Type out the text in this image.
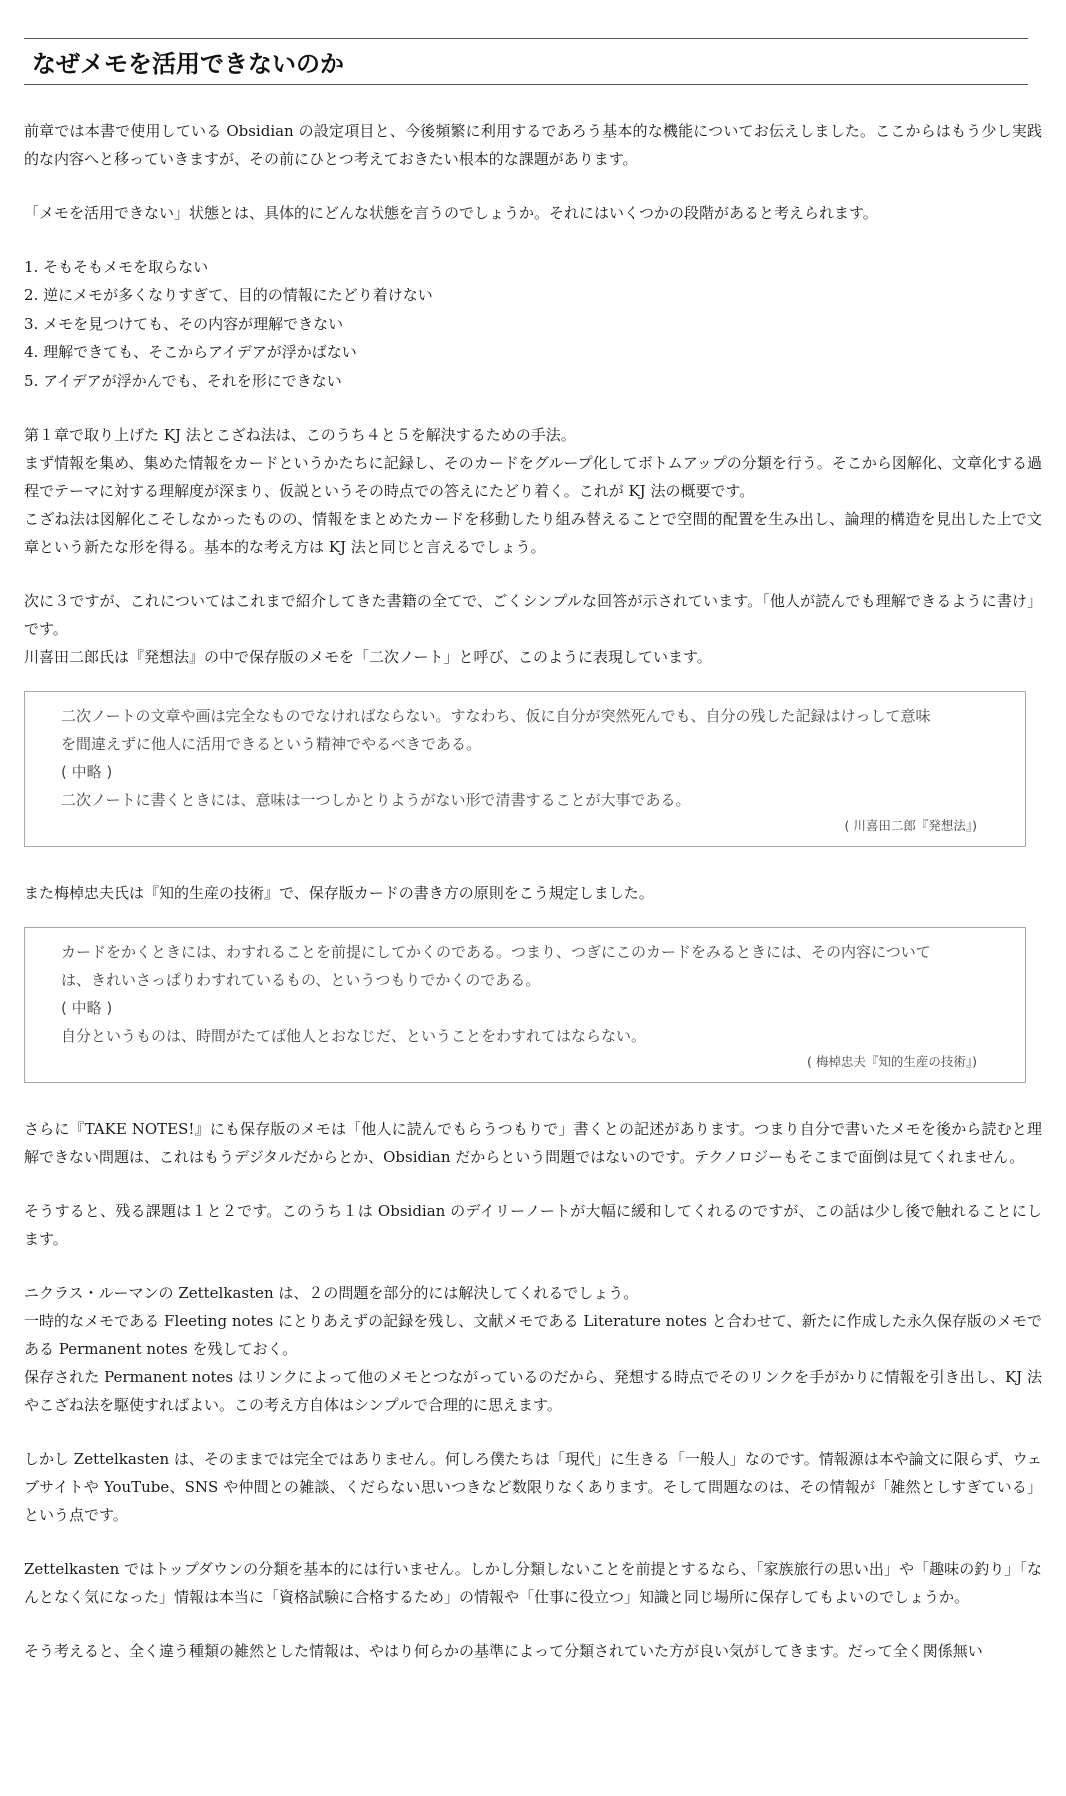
なぜメモを活用できないのか

前章では本書で使用している Obsidian の設定項目と、今後頻繁に利用するであろう基本的な機能についてお伝えしました。ここからはもう少し実践的な内容へと移っていきますが、その前にひとつ考えておきたい根本的な課題があります。

「メモを活用できない」状態とは、具体的にどんな状態を言うのでしょうか。それにはいくつかの段階があると考えられます。

1. そもそもメモを取らない
2. 逆にメモが多くなりすぎて、目的の情報にたどり着けない
3. メモを見つけても、その内容が理解できない
4. 理解できても、そこからアイデアが浮かばない
5. アイデアが浮かんでも、それを形にできない

第１章で取り上げた KJ 法とこざね法は、このうち４と５を解決するための手法。
まず情報を集め、集めた情報をカードというかたちに記録し、そのカードをグループ化してボトムアップの分類を行う。そこから図解化、文章化する過程でテーマに対する理解度が深まり、仮説というその時点での答えにたどり着く。これが KJ 法の概要です。
こざね法は図解化こそしなかったものの、情報をまとめたカードを移動したり組み替えることで空間的配置を生み出し、論理的構造を見出した上で文章という新たな形を得る。基本的な考え方は KJ 法と同じと言えるでしょう。

次に３ですが、これについてはこれまで紹介してきた書籍の全てで、ごくシンプルな回答が示されています。「他人が読んでも理解できるように書け」です。
川喜田二郎氏は『発想法』の中で保存版のメモを「二次ノート」と呼び、このように表現しています。

二次ノートの文章や画は完全なものでなければならない。すなわち、仮に自分が突然死んでも、自分の残した記録はけっして意味
を間違えずに他人に活用できるという精神でやるべきである。
( 中略 )
二次ノートに書くときには、意味は一つしかとりようがない形で清書することが大事である。
( 川喜田二郎『発想法』)

また梅棹忠夫氏は『知的生産の技術』で、保存版カードの書き方の原則をこう規定しました。

カードをかくときには、わすれることを前提にしてかくのである。つまり、つぎにこのカードをみるときには、その内容について
は、きれいさっぱりわすれているもの、というつもりでかくのである。
( 中略 )
自分というものは、時間がたてば他人とおなじだ、ということをわすれてはならない。
( 梅棹忠夫『知的生産の技術』)

さらに『TAKE NOTES!』にも保存版のメモは「他人に読んでもらうつもりで」書くとの記述があります。つまり自分で書いたメモを後から読むと理解できない問題は、これはもうデジタルだからとか、Obsidian だからという問題ではないのです。テクノロジーもそこまで面倒は見てくれません。

そうすると、残る課題は１と２です。このうち１は Obsidian のデイリーノートが大幅に緩和してくれるのですが、この話は少し後で触れることにします。

ニクラス・ルーマンの Zettelkasten は、２の問題を部分的には解決してくれるでしょう。
一時的なメモである Fleeting notes にとりあえずの記録を残し、文献メモである Literature notes と合わせて、新たに作成した永久保存版のメモである Permanent notes を残しておく。
保存された Permanent notes はリンクによって他のメモとつながっているのだから、発想する時点でそのリンクを手がかりに情報を引き出し、KJ 法やこざね法を駆使すればよい。この考え方自体はシンプルで合理的に思えます。

しかし Zettelkasten は、そのままでは完全ではありません。何しろ僕たちは「現代」に生きる「一般人」なのです。情報源は本や論文に限らず、ウェブサイトや YouTube、SNS や仲間との雑談、くだらない思いつきなど数限りなくあります。そして問題なのは、その情報が「雑然としすぎている」という点です。

Zettelkasten ではトップダウンの分類を基本的には行いません。しかし分類しないことを前提とするなら、「家族旅行の思い出」や「趣味の釣り」「なんとなく気になった」情報は本当に「資格試験に合格するため」の情報や「仕事に役立つ」知識と同じ場所に保存してもよいのでしょうか。

そう考えると、全く違う種類の雑然とした情報は、やはり何らかの基準によって分類されていた方が良い気がしてきます。だって全く関係無い
